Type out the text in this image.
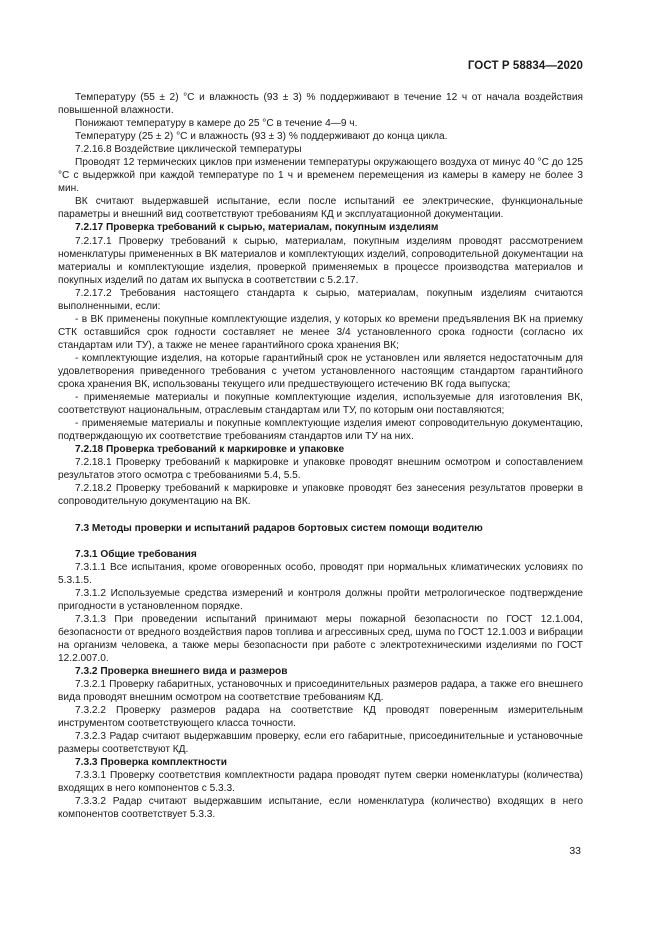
ГОСТ Р 58834—2020

Температуру (55 ± 2) °С и влажность (93 ± 3) % поддерживают в течение 12 ч от начала воздействия повышенной влажности.

Понижают температуру в камере до 25 °С в течение 4—9 ч.

Температуру (25 ± 2) °С и влажность (93 ± 3) % поддерживают до конца цикла.

7.2.16.8 Воздействие циклической температуры

Проводят 12 термических циклов при изменении температуры окружающего воздуха от минус 40 °С до 125 °С с выдержкой при каждой температуре по 1 ч и временем перемещения из камеры в камеру не более 3 мин.

ВК считают выдержавшей испытание, если после испытаний ее электрические, функциональные параметры и внешний вид соответствуют требованиям КД и эксплуатационной документации.

7.2.17 Проверка требований к сырью, материалам, покупным изделиям

7.2.17.1 Проверку требований к сырью, материалам, покупным изделиям проводят рассмотрением номенклатуры примененных в ВК материалов и комплектующих изделий, сопроводительной документации на материалы и комплектующие изделия, проверкой применяемых в процессе производства материалов и покупных изделий по датам их выпуска в соответствии с 5.2.17.

7.2.17.2 Требования настоящего стандарта к сырью, материалам, покупным изделиям считаются выполненными, если:

- в ВК применены покупные комплектующие изделия, у которых ко времени предъявления ВК на приемку СТК оставшийся срок годности составляет не менее 3/4 установленного срока годности (согласно их стандартам или ТУ), а также не менее гарантийного срока хранения ВК;

- комплектующие изделия, на которые гарантийный срок не установлен или является недостаточным для удовлетворения приведенного требования с учетом установленного настоящим стандартом гарантийного срока хранения ВК, использованы текущего или предшествующего истечению ВК года выпуска;

- применяемые материалы и покупные комплектующие изделия, используемые для изготовления ВК, соответствуют национальным, отраслевым стандартам или ТУ, по которым они поставляются;

- применяемые материалы и покупные комплектующие изделия имеют сопроводительную документацию, подтверждающую их соответствие требованиям стандартов или ТУ на них.

7.2.18 Проверка требований к маркировке и упаковке

7.2.18.1 Проверку требований к маркировке и упаковке проводят внешним осмотром и сопоставлением результатов этого осмотра с требованиями 5.4, 5.5.

7.2.18.2 Проверку требований к маркировке и упаковке проводят без занесения результатов проверки в сопроводительную документацию на ВК.

7.3 Методы проверки и испытаний радаров бортовых систем помощи водителю

7.3.1 Общие требования

7.3.1.1 Все испытания, кроме оговоренных особо, проводят при нормальных климатических условиях по 5.3.1.5.

7.3.1.2 Используемые средства измерений и контроля должны пройти метрологическое подтверждение пригодности в установленном порядке.

7.3.1.3 При проведении испытаний принимают меры пожарной безопасности по ГОСТ 12.1.004, безопасности от вредного воздействия паров топлива и агрессивных сред, шума по ГОСТ 12.1.003 и вибрации на организм человека, а также меры безопасности при работе с электротехническими изделиями по ГОСТ 12.2.007.0.

7.3.2 Проверка внешнего вида и размеров

7.3.2.1 Проверку габаритных, установочных и присоединительных размеров радара, а также его внешнего вида проводят внешним осмотром на соответствие требованиям КД.

7.3.2.2 Проверку размеров радара на соответствие КД проводят поверенным измерительным инструментом соответствующего класса точности.

7.3.2.3 Радар считают выдержавшим проверку, если его габаритные, присоединительные и установочные размеры соответствуют КД.

7.3.3 Проверка комплектности

7.3.3.1 Проверку соответствия комплектности радара проводят путем сверки номенклатуры (количества) входящих в него компонентов с 5.3.3.

7.3.3.2 Радар считают выдержавшим испытание, если номенклатура (количество) входящих в него компонентов соответствует 5.3.3.

33
